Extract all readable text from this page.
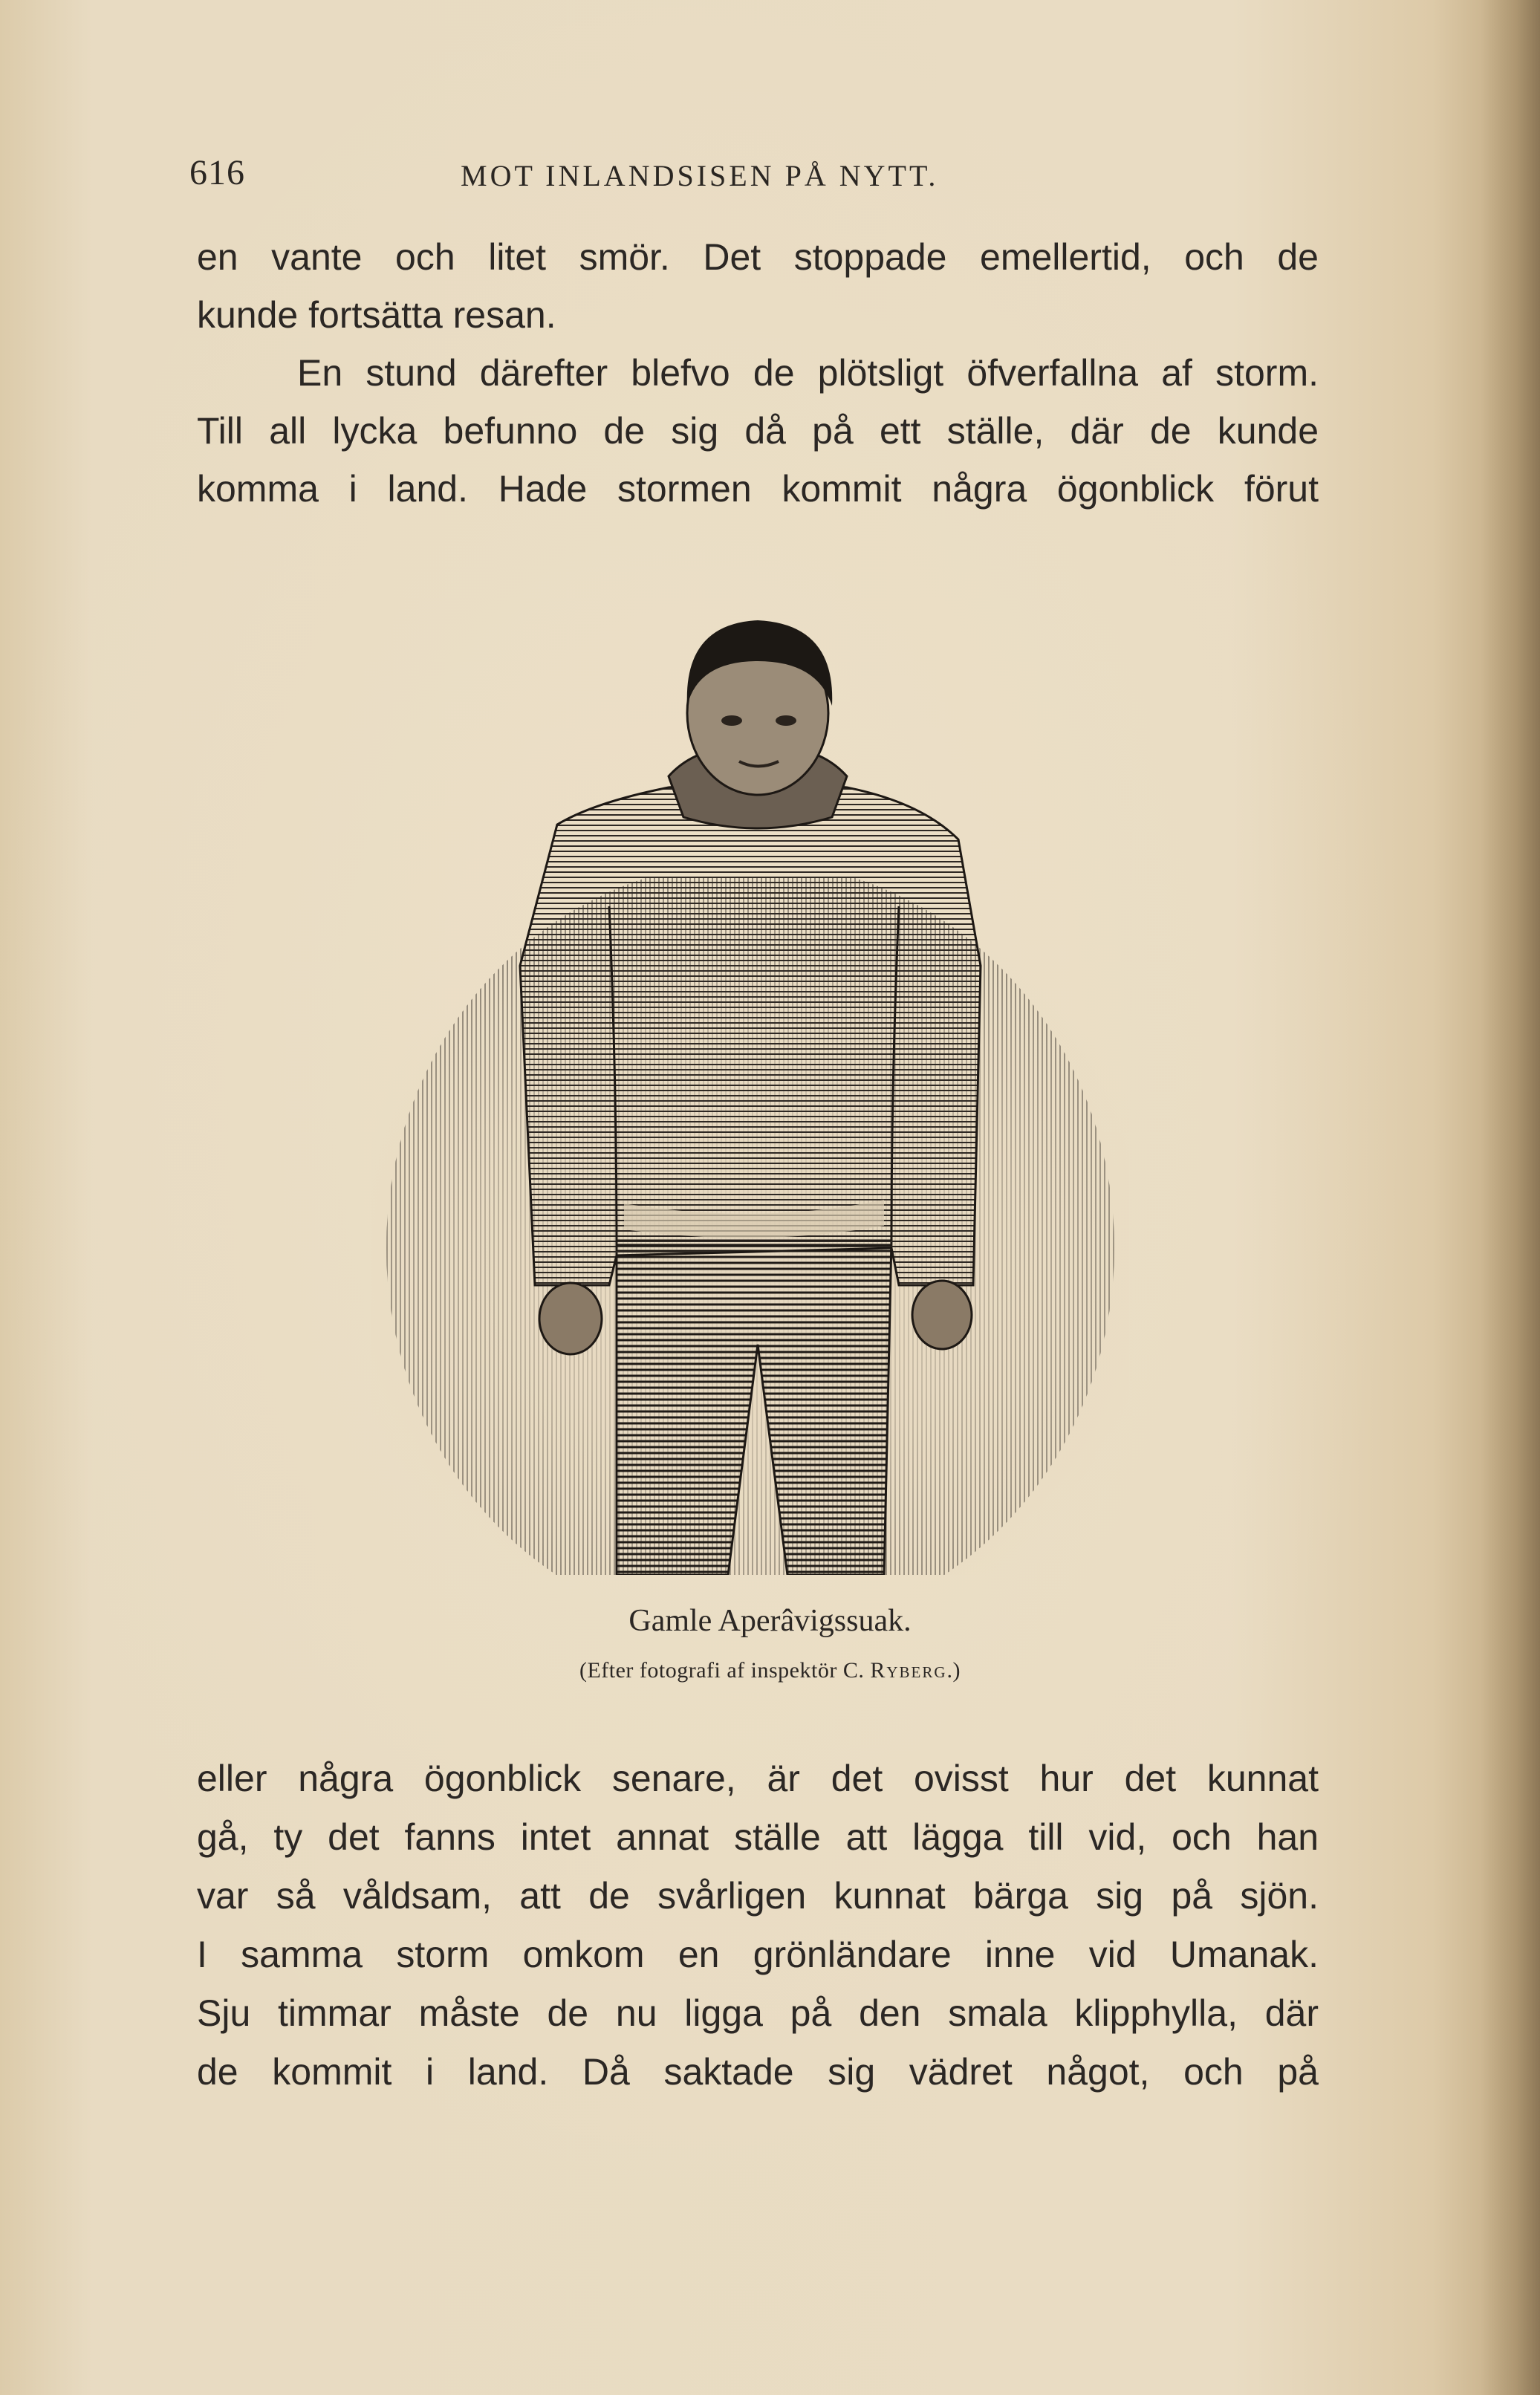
616	MOT INLANDSISEN PÅ NYTT.
en vante och litet smör. Det stoppade emellertid, och de
kunde fortsätta resan.
En stund därefter blefvo de plötsligt öfverfallna af storm.
Till all lycka befunno de sig då på ett ställe, där de kunde
komma i land. Hade stormen kommit några ögonblick förut
Gamle Aperâvigssuak.
(Efter fotografi af inspektör C. Ryberg.)
eller några ögonblick senare, är det ovisst hur det kunnat
gå, ty det fanns intet annat ställe att lägga till vid, och han
var så våldsam, att de svårligen kunnat bärga sig på sjön.
I samma storm omkom en grönländare inne vid Umanak.
Sju timmar måste de nu ligga på den smala klipphylla, där
de kommit i land. Då saktade sig vädret något, och på
